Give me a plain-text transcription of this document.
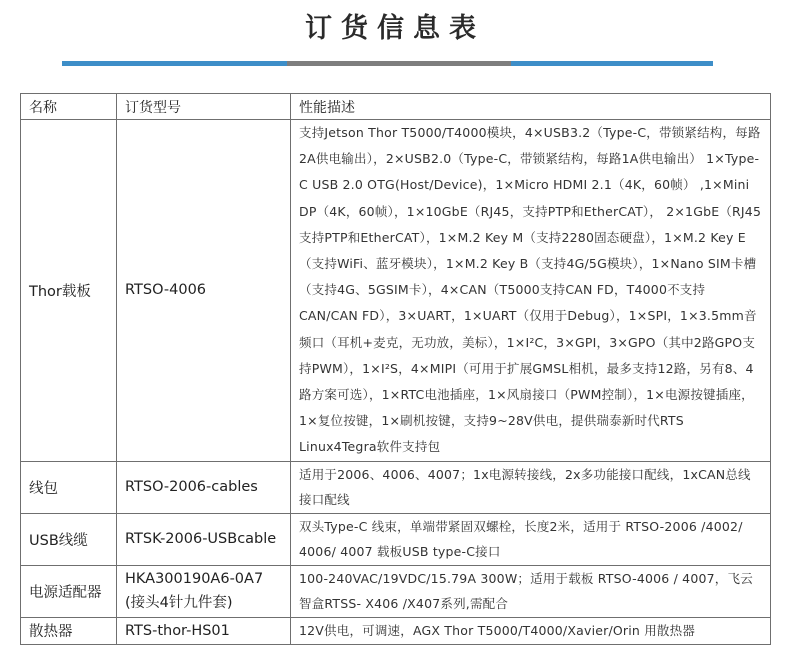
订货信息表
名称	订货型号	性能描述
Thor载板	RTSO-4006	支持Jetson Thor T5000/T4000模块，4×USB3.2（Type-C，带锁紧结构，每路2A供电输出），2×USB2.0（Type-C，带锁紧结构，每路1A供电输出） 1×Type-C USB 2.0 OTG(Host/Device)，1×Micro HDMI 2.1（4K，60帧） ,1×Mini DP（4K，60帧），1×10GbE（RJ45，支持PTP和EtherCAT）， 2×1GbE（RJ45支持PTP和EtherCAT），1×M.2 Key M（支持2280固态硬盘），1×M.2 Key E（支持WiFi、蓝牙模块），1×M.2 Key B（支持4G/5G模块），1×Nano SIM卡槽（支持4G、5GSIM卡），4×CAN（T5000支持CAN FD，T4000不支持CAN/CAN FD），3×UART，1×UART（仅用于Debug），1×SPI，1×3.5mm音频口（耳机+麦克，无功放，美标），1×I²C，3×GPI，3×GPO（其中2路GPO支持PWM），1×I²S，4×MIPI（可用于扩展GMSL相机，最多支持12路，另有8、4路方案可选），1×RTC电池插座，1×风扇接口（PWM控制），1×电源按键插座，1×复位按键，1×刷机按键，支持9~28V供电，提供瑞泰新时代RTS Linux4Tegra软件支持包
线包	RTSO-2006-cables	适用于2006、4006、4007；1x电源转接线，2x多功能接口配线，1xCAN总线接口配线
USB线缆	RTSK-2006-USBcable	双头Type-C 线束，单端带紧固双螺栓，长度2米，适用于 RTSO-2006 /4002/ 4006/ 4007 载板USB type-C接口
电源适配器	HKA300190A6-0A7 (接头4针九件套)	100-240VAC/19VDC/15.79A 300W；适用于载板 RTSO-4006 / 4007，飞云智盒RTSS- X406 /X407系列,需配合
散热器	RTS-thor-HS01	12V供电，可调速，AGX Thor T5000/T4000/Xavier/Orin 用散热器
